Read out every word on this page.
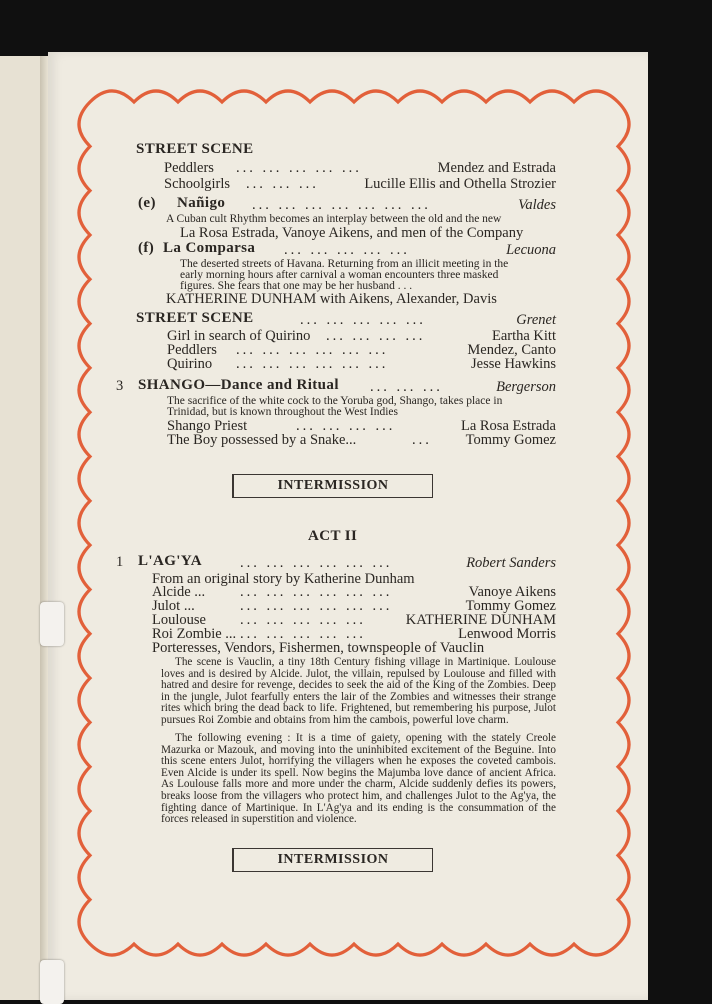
STREET SCENE
Peddlers ... ... ... ... ...	Mendez and Estrada
Schoolgirls ... ... ...	Lucille Ellis and Othella Strozier
(e) Nañigo ... ... ... ... ... ... ...	Valdes
A Cuban cult Rhythm becomes an interplay between the old and the new
La Rosa Estrada, Vanoye Aikens, and men of the Company
(f) La Comparsa ... ... ... ... ...	Lecuona
The deserted streets of Havana. Returning from an illicit meeting in the
early morning hours after carnival a woman encounters three masked
figures. She fears that one may be her husband . . .
KATHERINE DUNHAM with Aikens, Alexander, Davis
STREET SCENE	... ... ... ... ...	Grenet
Girl in search of Quirino ... ... ... ...	Eartha Kitt
Peddlers ... ... ... ... ... ...	Mendez, Canto
Quirino ... ... ... ... ... ...	Jesse Hawkins
3 SHANGO—Dance and Ritual ... ... ...	Bergerson
The sacrifice of the white cock to the Yoruba god, Shango, takes place in
Trinidad, but is known throughout the West Indies
Shango Priest	... ... ... ...	La Rosa Estrada
The Boy possessed by a Snake...	... Tommy Gomez
INTERMISSION
ACT II
1 L'AG'YA	... ... ... ... ... ...	Robert Sanders
From an original story by Katherine Dunham
Alcide ... ... ... ... ... ... ...	Vanoye Aikens
Julot ...	... ... ... ... ... ...	Tommy Gomez
Loulouse ... ... ... ... ...	KATHERINE DUNHAM
Roi Zombie ... ... ... ... ... ...	Lenwood Morris
Porteresses, Vendors, Fishermen, townspeople of Vauclin
The scene is Vauclin, a tiny 18th Century fishing village in Martinique. Loulouse loves and is desired by Alcide. Julot, the villain, repulsed by Loulouse and filled with hatred and desire for revenge, decides to seek the aid of the King of the Zombies. Deep in the jungle, Julot fearfully enters the lair of the Zombies and witnesses their strange rites which bring the dead back to life. Frightened, but remembering his purpose, Julot pursues Roi Zombie and obtains from him the cambois, powerful love charm.
The following evening : It is a time of gaiety, opening with the stately Creole Mazurka or Mazouk, and moving into the uninhibited excitement of the Beguine. Into this scene enters Julot, horrifying the villagers when he exposes the coveted cambois. Even Alcide is under its spell. Now begins the Majumba love dance of ancient Africa. As Loulouse falls more and more under the charm, Alcide suddenly defies its powers, breaks loose from the villagers who protect him, and challenges Julot to the Ag'ya, the fighting dance of Martinique. In L'Ag'ya and its ending is the consummation of the forces released in superstition and violence.
INTERMISSION
